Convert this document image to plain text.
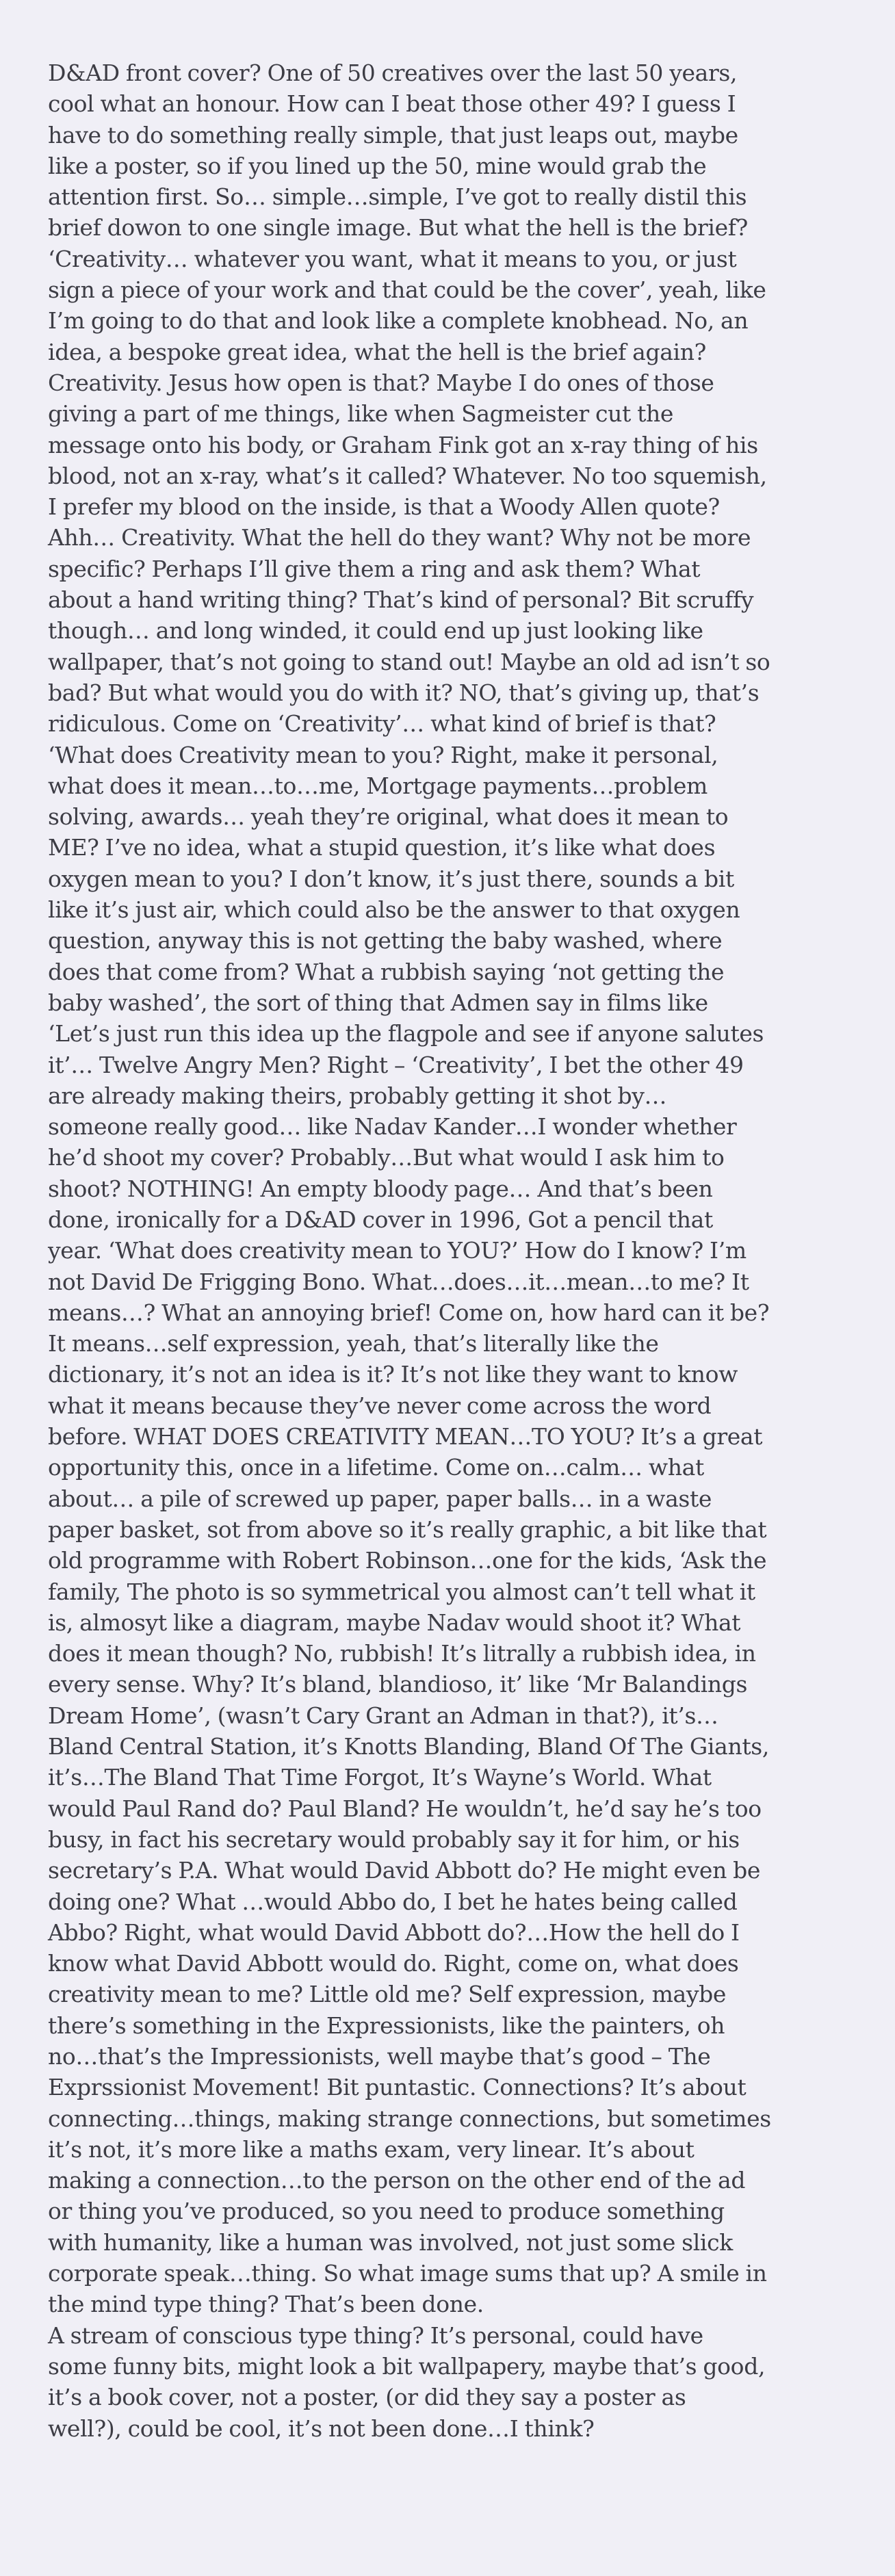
D&AD front cover? One of 50 creatives over the last 50 years,
cool what an honour. How can I beat those other 49? I guess I
have to do something really simple, that just leaps out, maybe
like a poster, so if you lined up the 50, mine would grab the
attention first. So… simple…simple, I’ve got to really distil this
brief dowon to one single image. But what the hell is the brief?
‘Creativity… whatever you want, what it means to you, or just
sign a piece of your work and that could be the cover’, yeah, like
I’m going to do that and look like a complete knobhead. No, an
idea, a bespoke great idea, what the hell is the brief again?
Creativity. Jesus how open is that? Maybe I do ones of those
giving a part of me things, like when Sagmeister cut the
message onto his body, or Graham Fink got an x-ray thing of his
blood, not an x-ray, what’s it called? Whatever. No too squemish,
I prefer my blood on the inside, is that a Woody Allen quote?
Ahh… Creativity. What the hell do they want? Why not be more
specific? Perhaps I’ll give them a ring and ask them? What
about a hand writing thing? That’s kind of personal? Bit scruffy
though… and long winded, it could end up just looking like
wallpaper, that’s not going to stand out! Maybe an old ad isn’t so
bad? But what would you do with it? NO, that’s giving up, that’s
ridiculous. Come on ‘Creativity’… what kind of brief is that?
‘What does Creativity mean to you? Right, make it personal,
what does it mean…to…me, Mortgage payments…problem
solving, awards… yeah they’re original, what does it mean to
ME? I’ve no idea, what a stupid question, it’s like what does
oxygen mean to you? I don’t know, it’s just there, sounds a bit
like it’s just air, which could also be the answer to that oxygen
question, anyway this is not getting the baby washed, where
does that come from? What a rubbish saying ‘not getting the
baby washed’, the sort of thing that Admen say in films like
‘Let’s just run this idea up the flagpole and see if anyone salutes
it’… Twelve Angry Men? Right – ‘Creativity’, I bet the other 49
are already making theirs, probably getting it shot by…
someone really good… like Nadav Kander…I wonder whether
he’d shoot my cover? Probably…But what would I ask him to
shoot? NOTHING! An empty bloody page… And that’s been
done, ironically for a D&AD cover in 1996, Got a pencil that
year. ‘What does creativity mean to YOU?’ How do I know? I’m
not David De Frigging Bono. What…does…it…mean…to me? It
means…? What an annoying brief! Come on, how hard can it be?
It means…self expression, yeah, that’s literally like the
dictionary, it’s not an idea is it? It’s not like they want to know
what it means because they’ve never come across the word
before. WHAT DOES CREATIVITY MEAN…TO YOU? It’s a great
opportunity this, once in a lifetime. Come on…calm… what
about… a pile of screwed up paper, paper balls… in a waste
paper basket, sot from above so it’s really graphic, a bit like that
old programme with Robert Robinson…one for the kids, ‘Ask the
family, The photo is so symmetrical you almost can’t tell what it
is, almosyt like a diagram, maybe Nadav would shoot it? What
does it mean though? No, rubbish! It’s litrally a rubbish idea, in
every sense. Why? It’s bland, blandioso, it’ like ‘Mr Balandings
Dream Home’, (wasn’t Cary Grant an Adman in that?), it’s…
Bland Central Station, it’s Knotts Blanding, Bland Of The Giants,
it’s…The Bland That Time Forgot, It’s Wayne’s World. What
would Paul Rand do? Paul Bland? He wouldn’t, he’d say he’s too
busy, in fact his secretary would probably say it for him, or his
secretary’s P.A. What would David Abbott do? He might even be
doing one? What …would Abbo do, I bet he hates being called
Abbo? Right, what would David Abbott do?…How the hell do I
know what David Abbott would do. Right, come on, what does
creativity mean to me? Little old me? Self expression, maybe
there’s something in the Expressionists, like the painters, oh
no…that’s the Impressionists, well maybe that’s good – The
Exprssionist Movement! Bit puntastic. Connections? It’s about
connecting…things, making strange connections, but sometimes
it’s not, it’s more like a maths exam, very linear. It’s about
making a connection…to the person on the other end of the ad
or thing you’ve produced, so you need to produce something
with humanity, like a human was involved, not just some slick
corporate speak…thing. So what image sums that up? A smile in
the mind type thing? That’s been done.

A stream of conscious type thing? It’s personal, could have
some funny bits, might look a bit wallpapery, maybe that’s good,
it’s a book cover, not a poster, (or did they say a poster as
well?), could be cool, it’s not been done…I think?
